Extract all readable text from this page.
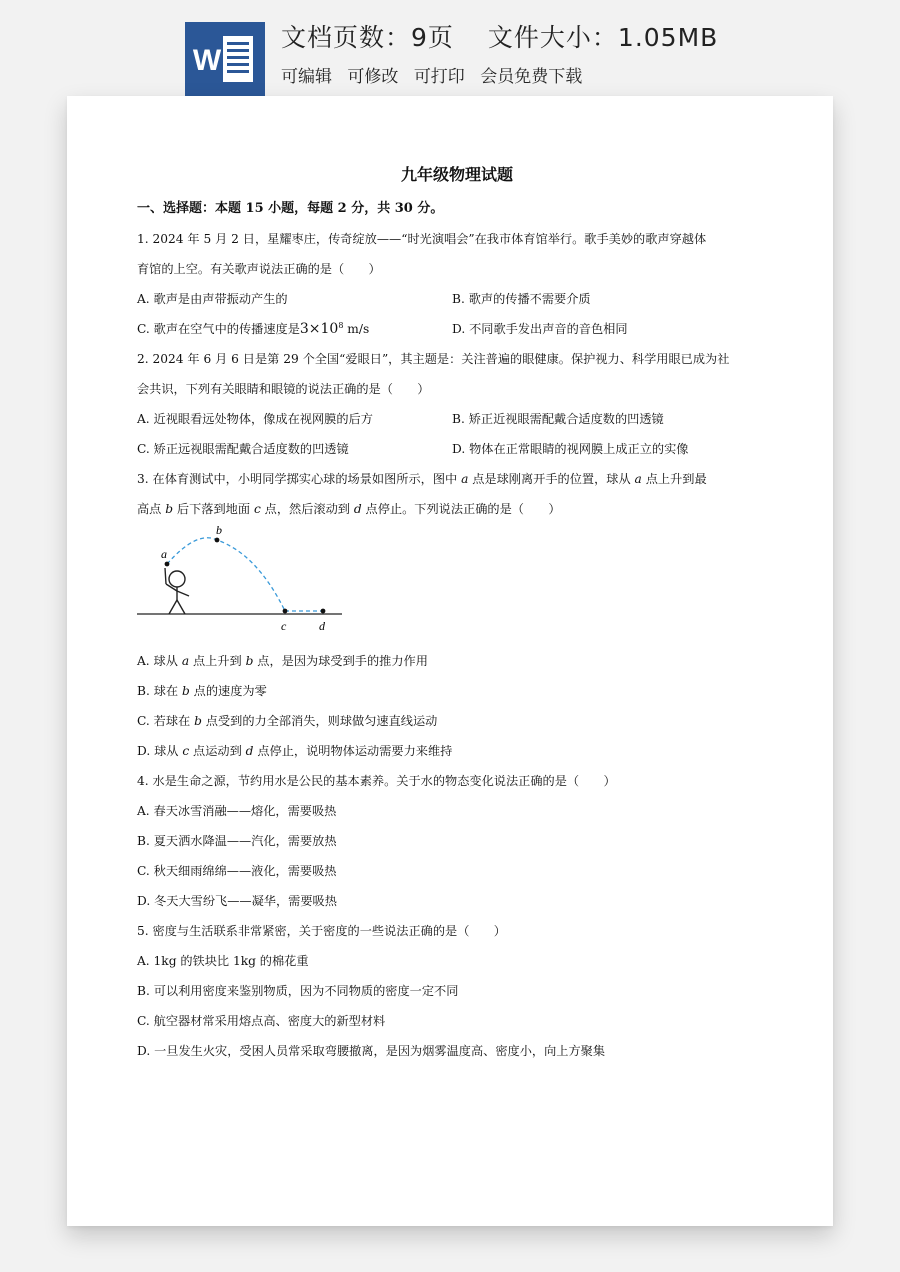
W
文档页数：9页 文件大小：1.05MB
可编辑 可修改 可打印 会员免费下载
九年级物理试题

一、选择题：本题 15 小题，每题 2 分，共 30 分。

1. 2024 年 5 月 2 日，星耀枣庄，传奇绽放——“时光演唱会”在我市体育馆举行。歌手美妙的歌声穿越体

育馆的上空。有关歌声说法正确的是（　　）

A. 歌声是由声带振动产生的	B. 歌声的传播不需要介质
C. 歌声在空气中的传播速度是$3\times 10^8$ m/s	D. 不同歌手发出声音的音色相同

2. 2024 年 6 月 6 日是第 29 个全国“爱眼日”，其主题是：关注普遍的眼健康。保护视力、科学用眼已成为社

会共识，下列有关眼睛和眼镜的说法正确的是（　　）

A. 近视眼看远处物体，像成在视网膜的后方	B. 矫正近视眼需配戴合适度数的凹透镜
C. 矫正远视眼需配戴合适度数的凹透镜	D. 物体在正常眼睛的视网膜上成正立的实像

3. 在体育测试中，小明同学掷实心球的场景如图所示，图中 a 点是球刚离开手的位置，球从 a 点上升到最

高点 b 后下落到地面 c 点，然后滚动到 d 点停止。下列说法正确的是（　　）

a
b
c	d

A. 球从 a 点上升到 b 点，是因为球受到手的推力作用

B. 球在 b 点的速度为零

C. 若球在 b 点受到的力全部消失，则球做匀速直线运动

D. 球从 c 点运动到 d 点停止，说明物体运动需要力来维持

4. 水是生命之源，节约用水是公民的基本素养。关于水的物态变化说法正确的是（　　）

A. 春天冰雪消融——熔化，需要吸热

B. 夏天洒水降温——汽化，需要放热

C. 秋天细雨绵绵——液化，需要吸热

D. 冬天大雪纷飞——凝华，需要吸热

5. 密度与生活联系非常紧密，关于密度的一些说法正确的是（　　）

A. 1kg 的铁块比 1kg 的棉花重

B. 可以利用密度来鉴别物质，因为不同物质的密度一定不同

C. 航空器材常采用熔点高、密度大的新型材料

D. 一旦发生火灾，受困人员常采取弯腰撤离，是因为烟雾温度高、密度小，向上方聚集
